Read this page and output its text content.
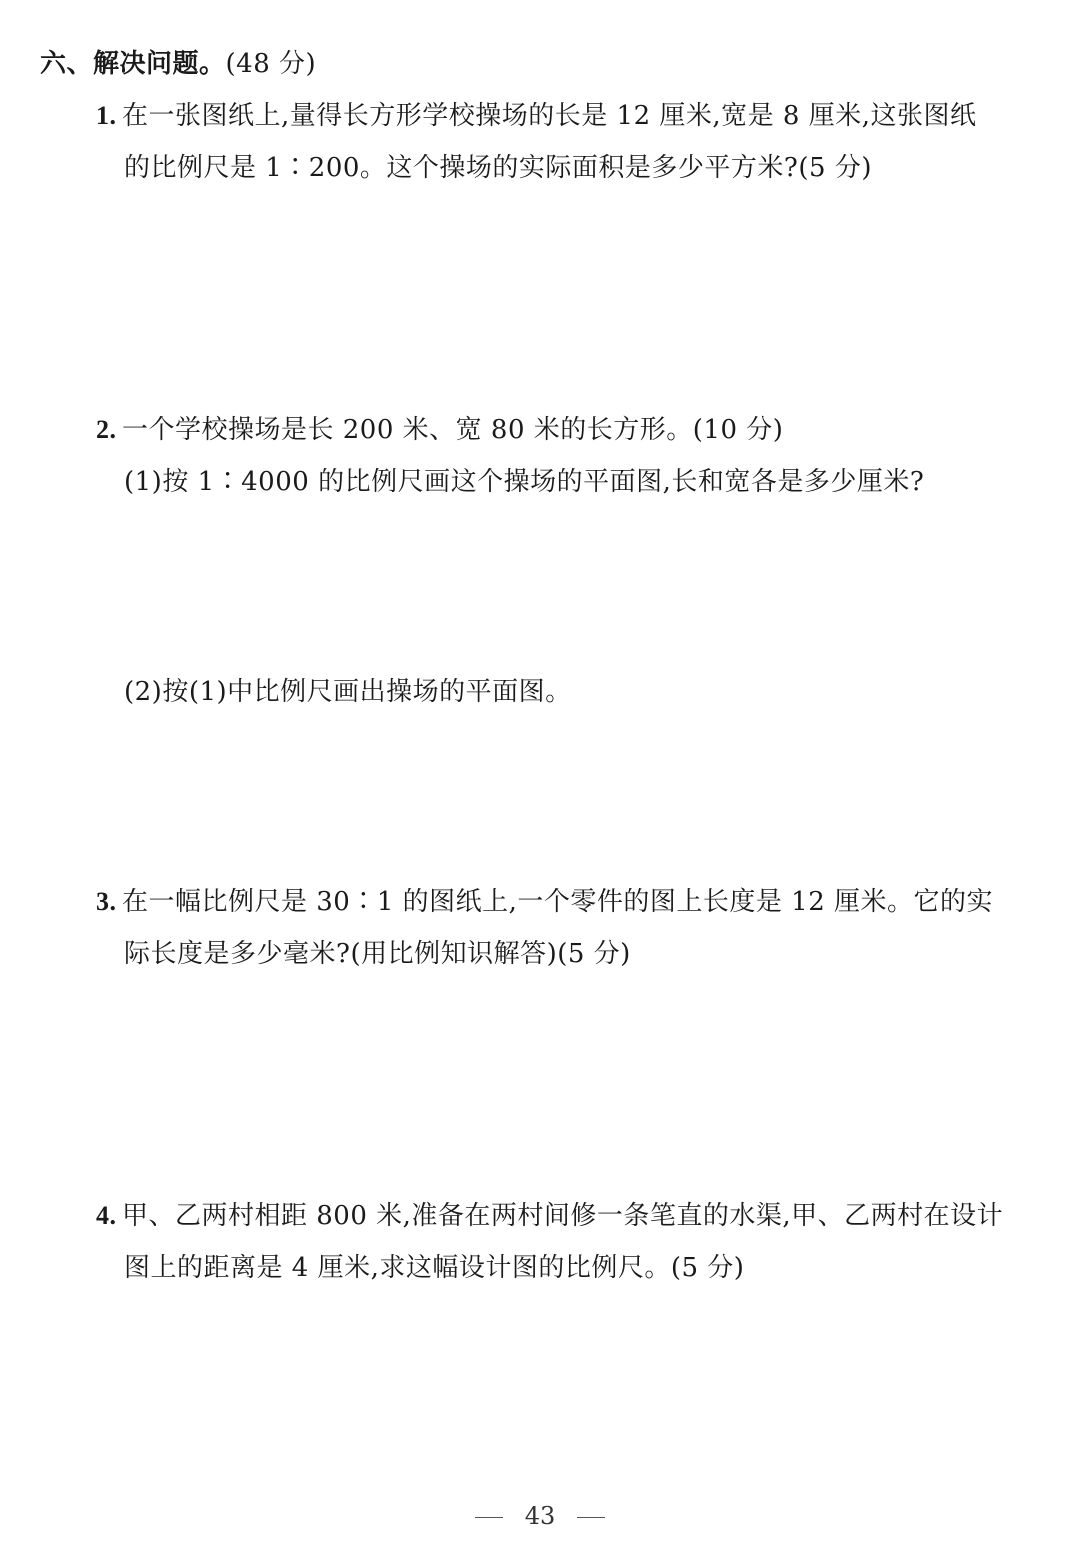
六、解决问题。(48 分)
1. 在一张图纸上,量得长方形学校操场的长是 12 厘米,宽是 8 厘米,这张图纸
的比例尺是 1∶200。这个操场的实际面积是多少平方米?(5 分)
2. 一个学校操场是长 200 米、宽 80 米的长方形。(10 分)
(1)按 1∶4000 的比例尺画这个操场的平面图,长和宽各是多少厘米?
(2)按(1)中比例尺画出操场的平面图。
3. 在一幅比例尺是 30∶1 的图纸上,一个零件的图上长度是 12 厘米。它的实
际长度是多少毫米?(用比例知识解答)(5 分)
4. 甲、乙两村相距 800 米,准备在两村间修一条笔直的水渠,甲、乙两村在设计
图上的距离是 4 厘米,求这幅设计图的比例尺。(5 分)
43
